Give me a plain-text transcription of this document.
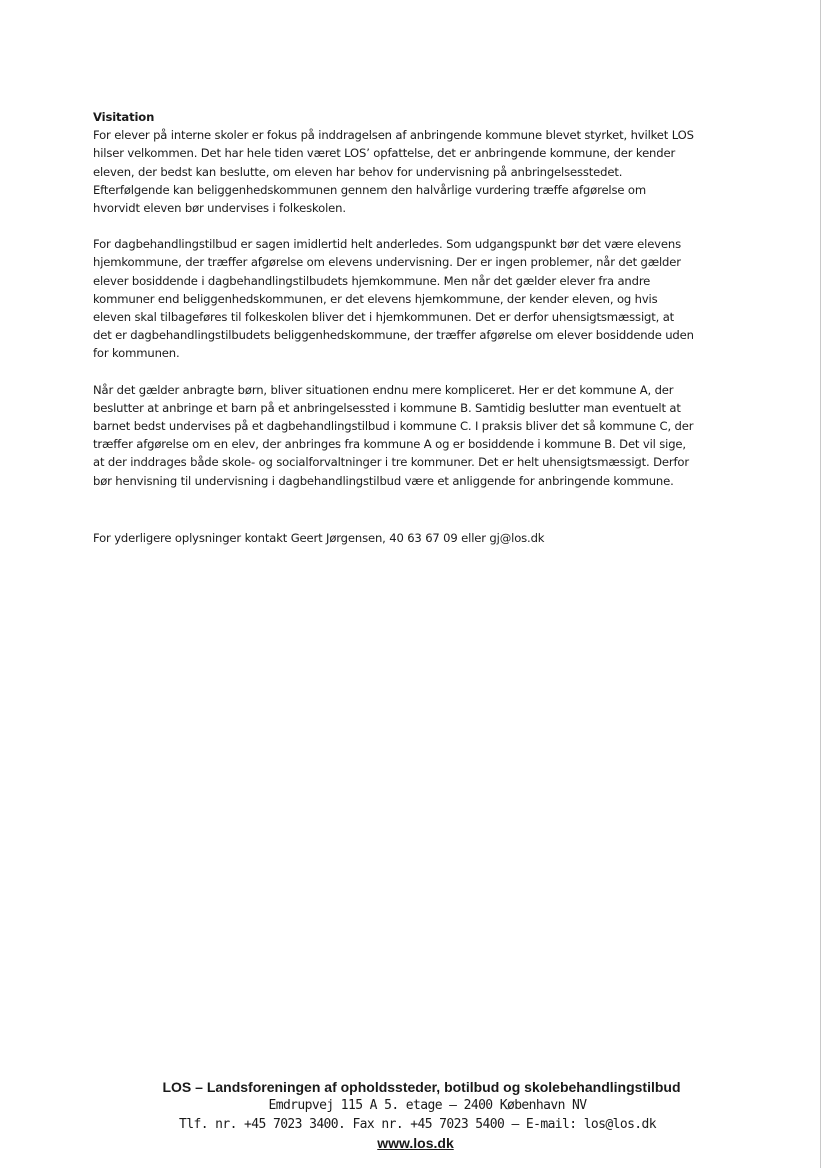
Visitation
For elever på interne skoler er fokus på inddragelsen af anbringende kommune blevet styrket, hvilket LOS
hilser velkommen. Det har hele tiden været LOS’ opfattelse, det er anbringende kommune, der kender
eleven, der bedst kan beslutte, om eleven har behov for undervisning på anbringelsesstedet.
Efterfølgende kan beliggenhedskommunen gennem den halvårlige vurdering træffe afgørelse om
hvorvidt eleven bør undervises i folkeskolen.
For dagbehandlingstilbud er sagen imidlertid helt anderledes. Som udgangspunkt bør det være elevens
hjemkommune, der træffer afgørelse om elevens undervisning. Der er ingen problemer, når det gælder
elever bosiddende i dagbehandlingstilbudets hjemkommune. Men når det gælder elever fra andre
kommuner end beliggenhedskommunen, er det elevens hjemkommune, der kender eleven, og hvis
eleven skal tilbageføres til folkeskolen bliver det i hjemkommunen. Det er derfor uhensigtsmæssigt, at
det er dagbehandlingstilbudets beliggenhedskommune, der træffer afgørelse om elever bosiddende uden
for kommunen.
Når det gælder anbragte børn, bliver situationen endnu mere kompliceret. Her er det kommune A, der
beslutter at anbringe et barn på et anbringelsessted i kommune B. Samtidig beslutter man eventuelt at
barnet bedst undervises på et dagbehandlingstilbud i kommune C. I praksis bliver det så kommune C, der
træffer afgørelse om en elev, der anbringes fra kommune A og er bosiddende i kommune B. Det vil sige,
at der inddrages både skole- og socialforvaltninger i tre kommuner. Det er helt uhensigtsmæssigt. Derfor
bør henvisning til undervisning i dagbehandlingstilbud være et anliggende for anbringende kommune.
For yderligere oplysninger kontakt Geert Jørgensen, 40 63 67 09 eller gj@los.dk
LOS – Landsforeningen af opholdssteder, botilbud og skolebehandlingstilbud
Emdrupvej 115 A 5. etage – 2400 København NV
Tlf. nr. +45 7023 3400. Fax nr. +45 7023 5400 – E-mail: los@los.dk
www.los.dk
